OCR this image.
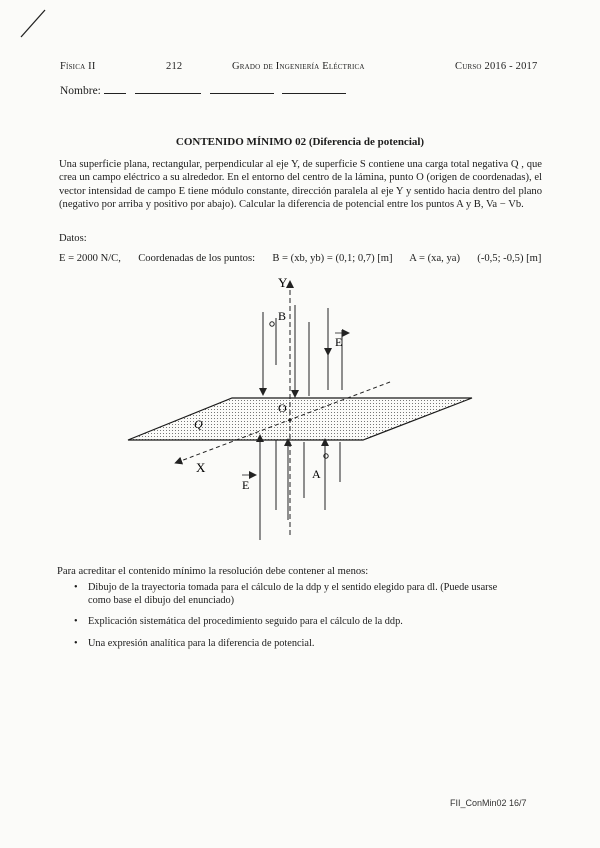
Física II	212	Grado de Ingeniería Eléctrica	Curso 2016 - 2017
Nombre:
CONTENIDO MÍNIMO 02 (Diferencia de potencial)
Una superficie plana, rectangular, perpendicular al eje Y, de superficie S contiene una carga total negativa Q , que crea un campo eléctrico a su alrededor. En el entorno del centro de la lámina, punto O (origen de coordenadas), el vector intensidad de campo E tiene módulo constante, dirección paralela al eje Y y sentido hacia dentro del plano (negativo por arriba y positivo por abajo). Calcular la diferencia de potencial entre los puntos A y B, Va − Vb.
Datos:
E = 2000 N/C, Coordenadas de los puntos: B = (xb, yb) = (0,1; 0,7) [m] A = (xa, ya) (-0,5; -0,5) [m]
Y
B
E
O
Q
X	A
E
Para acreditar el contenido mínimo la resolución debe contener al menos:
• Dibujo de la trayectoria tomada para el cálculo de la ddp y el sentido elegido para dl. (Puede usarse como base el dibujo del enunciado)
• Explicación sistemática del procedimiento seguido para el cálculo de la ddp.
• Una expresión analítica para la diferencia de potencial.
FII_ConMin02 16/7
